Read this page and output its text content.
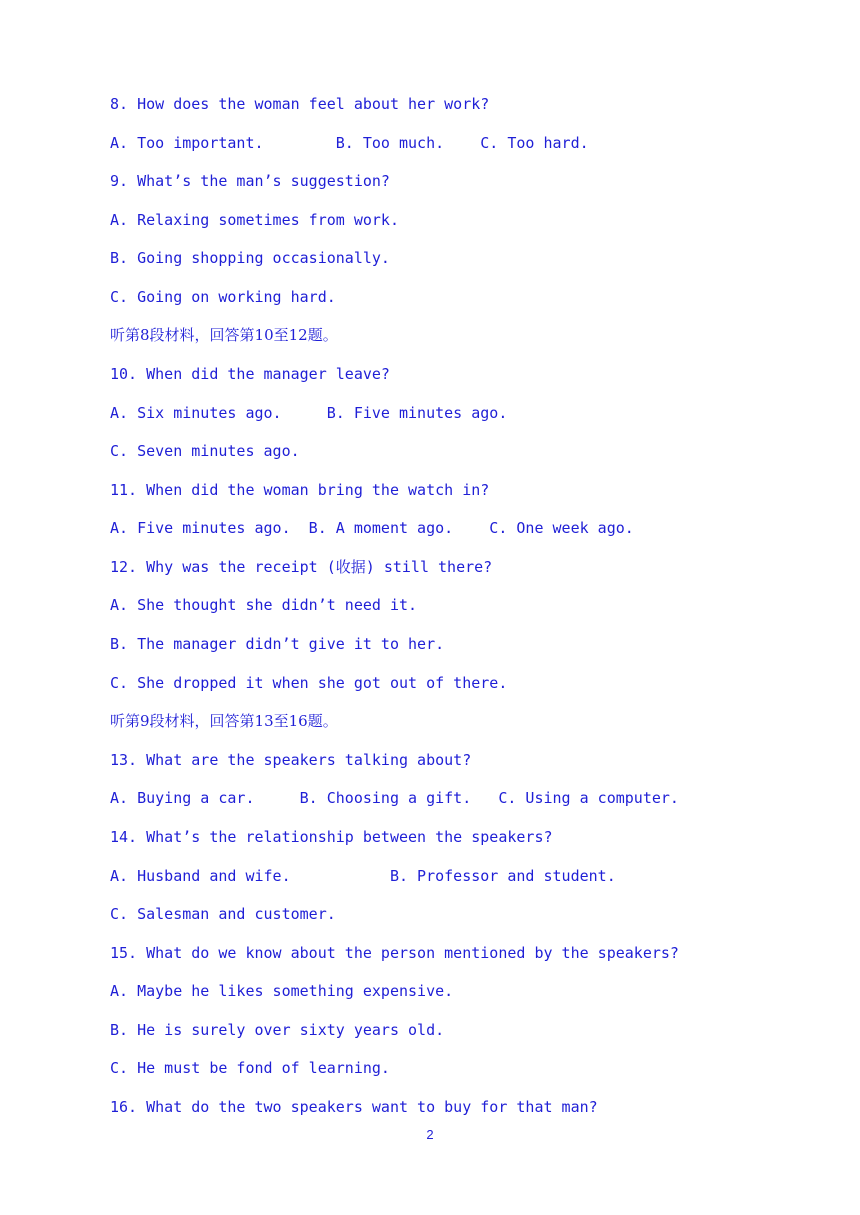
8. How does the woman feel about her work?
A. Too important.        B. Too much.    C. Too hard.
9. What’s the man’s suggestion?
A. Relaxing sometimes from work.
B. Going shopping occasionally.
C. Going on working hard.
听第8段材料，回答第10至12题。
10. When did the manager leave?
A. Six minutes ago.     B. Five minutes ago.
C. Seven minutes ago.
11. When did the woman bring the watch in?
A. Five minutes ago.  B. A moment ago.    C. One week ago.
12. Why was the receipt (收据) still there?
A. She thought she didn’t need it.
B. The manager didn’t give it to her.
C. She dropped it when she got out of there.
听第9段材料，回答第13至16题。
13. What are the speakers talking about?
A. Buying a car.     B. Choosing a gift.   C. Using a computer.
14. What’s the relationship between the speakers?
A. Husband and wife.           B. Professor and student.
C. Salesman and customer.
15. What do we know about the person mentioned by the speakers?
A. Maybe he likes something expensive.
B. He is surely over sixty years old.
C. He must be fond of learning.
16. What do the two speakers want to buy for that man?
2
